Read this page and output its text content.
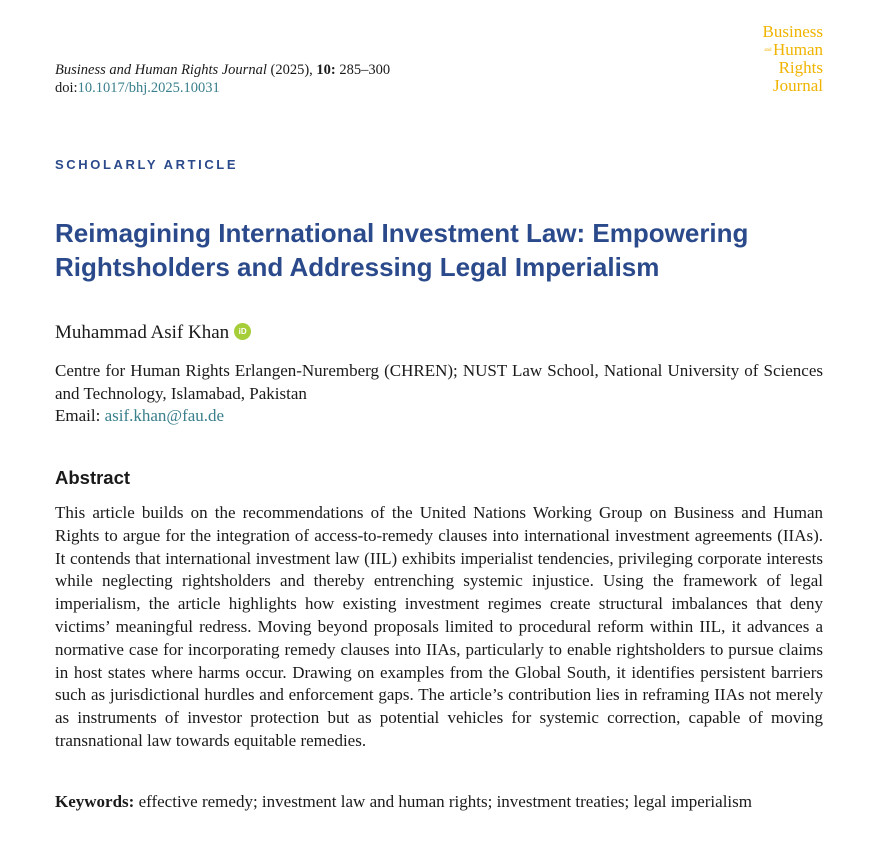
Business and Human Rights Journal (2025), 10: 285–300
doi:10.1017/bhj.2025.10031
Business
and Human
Rights
Journal
SCHOLARLY ARTICLE
Reimagining International Investment Law: Empowering Rightsholders and Addressing Legal Imperialism
Muhammad Asif Khan	iD
Centre for Human Rights Erlangen-Nuremberg (CHREN); NUST Law School, National University of Sciences and Technology, Islamabad, Pakistan
Email: asif.khan@fau.de
Abstract

This article builds on the recommendations of the United Nations Working Group on Business and Human Rights to argue for the integration of access-to-remedy clauses into international investment agreements (IIAs). It contends that international investment law (IIL) exhibits imperialist tendencies, privileging corporate interests while neglecting rightsholders and thereby entrenching systemic injustice. Using the framework of legal imperialism, the article highlights how existing investment regimes create structural imbalances that deny victims’ meaningful redress. Moving beyond proposals limited to procedural reform within IIL, it advances a normative case for incorporating remedy clauses into IIAs, particularly to enable rightsholders to pursue claims in host states where harms occur. Drawing on examples from the Global South, it identifies persistent barriers such as jurisdictional hurdles and enforcement gaps. The article’s contribution lies in reframing IIAs not merely as instruments of investor protection but as potential vehicles for systemic correction, capable of moving transnational law towards equitable remedies.

Keywords: effective remedy; investment law and human rights; investment treaties; legal imperialism
